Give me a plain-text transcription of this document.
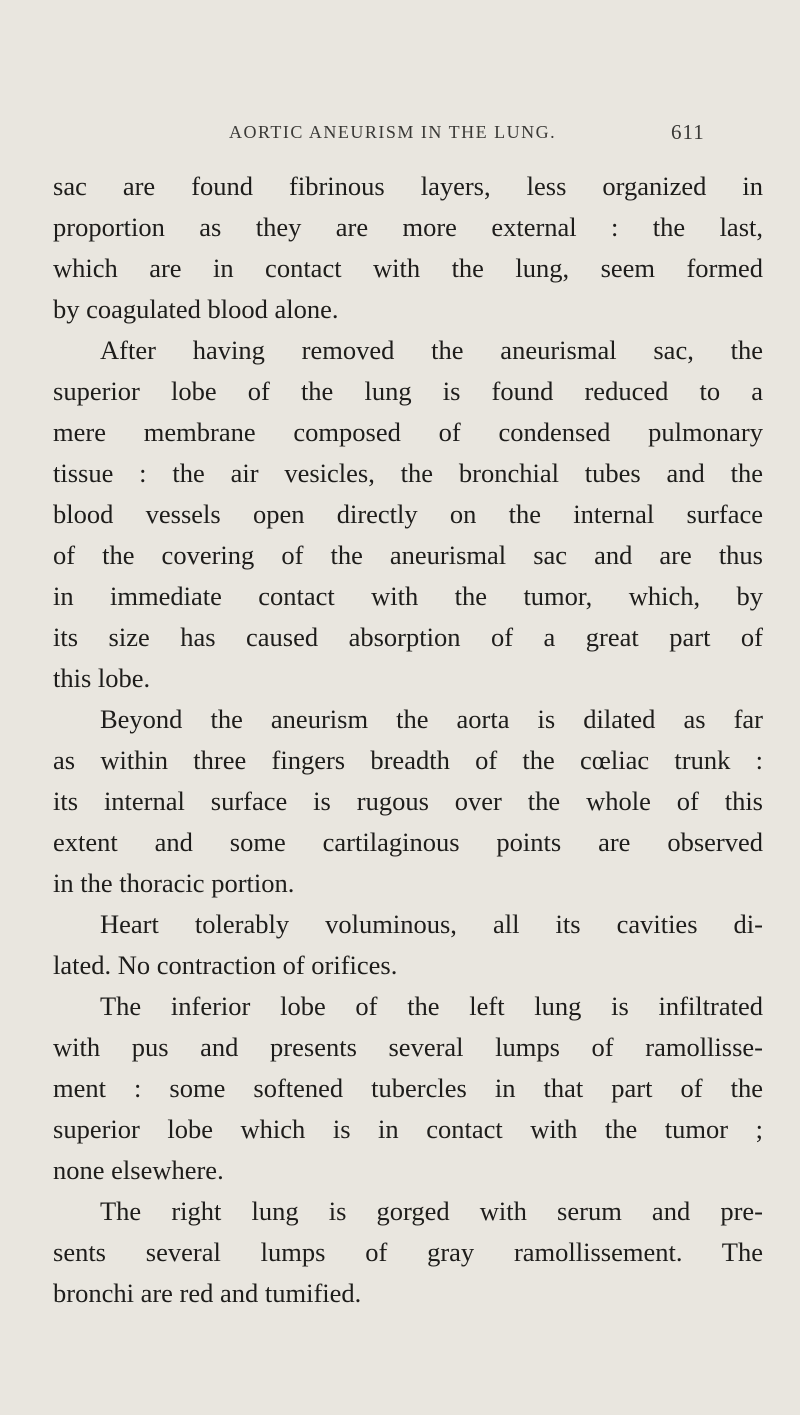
AORTIC ANEURISM IN THE LUNG.	611
sac are found fibrinous layers, less organized in
proportion as they are more external : the last,
which are in contact with the lung, seem formed
by coagulated blood alone.
After having removed the aneurismal sac, the
superior lobe of the lung is found reduced to a
mere membrane composed of condensed pulmonary
tissue : the air vesicles, the bronchial tubes and the
blood vessels open directly on the internal surface
of the covering of the aneurismal sac and are thus
in immediate contact with the tumor, which, by
its size has caused absorption of a great part of
this lobe.
Beyond the aneurism the aorta is dilated as far
as within three fingers breadth of the cœliac trunk :
its internal surface is rugous over the whole of this
extent and some cartilaginous points are observed
in the thoracic portion.
Heart tolerably voluminous, all its cavities di-
lated. No contraction of orifices.
The inferior lobe of the left lung is infiltrated
with pus and presents several lumps of ramollisse-
ment : some softened tubercles in that part of the
superior lobe which is in contact with the tumor ;
none elsewhere.
The right lung is gorged with serum and pre-
sents several lumps of gray ramollissement. The
bronchi are red and tumified.
